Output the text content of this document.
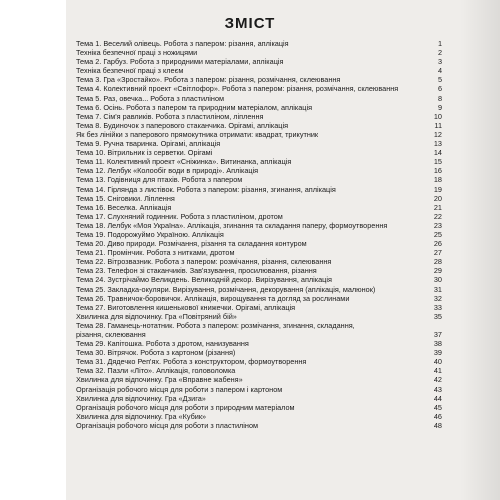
ЗМІСТ
Тема 1. Веселий олівець. Робота з папером: різання, аплікація	1
Техніка безпечної праці з ножицями	2
Тема 2. Гарбуз. Робота з природними матеріалами, аплікація	3
Техніка безпечної праці з клеєм	4
Тема 3. Гра «Зростайко». Робота з папером: різання, розмічання, склеювання	5
Тема 4. Колективний проект «Світлофор». Робота з папером: різання, розмічання, склеювання	6
Тема 5. Раз, овечка... Робота з пластиліном	8
Тема 6. Осінь. Робота з папером та природним матеріалом, аплікація	9
Тема 7. Сім'я равликів. Робота з пластиліном, ліплення	10
Тема 8. Будиночок з паперового стаканчика. Орігамі, аплікація	11
Як без лінійки з паперового прямокутника отримати: квадрат, трикутник	12
Тема 9. Ручна тваринка. Орігамі, аплікація	13
Тема 10. Вітрильник із серветки. Орігамі	14
Тема 11. Колективний проект «Сніжинка». Витинанка, аплікація	15
Тема 12. Лелбук «Колообіг води в природі». Аплікація	16
Тема 13. Годівниця для птахів. Робота з папером	18
Тема 14. Гірлянда з листівок. Робота з папером: різання, згинання, аплікація	19
Тема 15. Сніговики. Ліплення	20
Тема 16. Веселка. Аплікація	21
Тема 17. Слухняний годинник. Робота з пластиліном, дротом	22
Тема 18. Лелбук «Моя Україна». Аплікація, згинання та складання паперу, формоутворення	23
Тема 19. Подорожуймо Україною. Аплікація	25
Тема 20. Диво природи. Розмічання, різання та складання контуром	26
Тема 21. Промінчик. Робота з нитками, дротом	27
Тема 22. Вітрозвазник. Робота з папером: розмічання, різання, склеювання	28
Тема 23. Телефон зі стаканчиків. Зав'язування, просилювання, різання	29
Тема 24. Зустрічаймо Великдень. Великодній декор. Вирізування, аплікація	30
Тема 25. Закладка-окуляри. Вирізування, розмічання, декорування (аплікація, малюнок)	31
Тема 26. Травничок-боровичок. Аплікація, вирощування та догляд за рослинами	32
Тема 27. Виготовлення кишенькової книжечки. Орігамі, аплікація	33
Хвилинка для відпочинку. Гра «Повітряний бій»	35
Тема 28. Гаманець-нотатник. Робота з папером: розмічання, згинання, складання, різання, склеювання	37
Тема 29. Капітошка. Робота з дротом, нанизування	38
Тема 30. Вітрячок. Робота з картоном (різання)	39
Тема 31. Дядечко Реп'ях. Робота з конструктором, формоутворення	40
Тема 32. Пазли «Літо». Аплікація, головоломка	41
Хвилинка для відпочинку. Гра «Вправне жабеня»	42
Організація робочого місця для роботи з папером і картоном	43
Хвилинка для відпочинку. Гра «Дзига»	44
Організація робочого місця для роботи з природним матеріалом	45
Хвилинка для відпочинку. Гра «Кубик»	46
Організація робочого місця для роботи з пластиліном	48
